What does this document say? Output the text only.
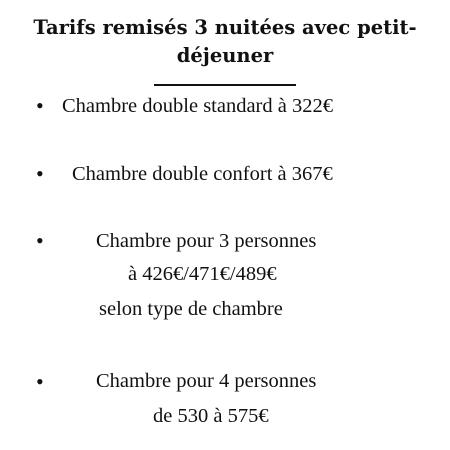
Tarifs remisés 3 nuitées avec petit-
déjeuner
• Chambre double standard à 322€
• Chambre double confort à 367€
•	Chambre pour 3 personnes
à 426€/471€/489€
selon type de chambre
•	Chambre pour 4 personnes
de 530 à 575€
